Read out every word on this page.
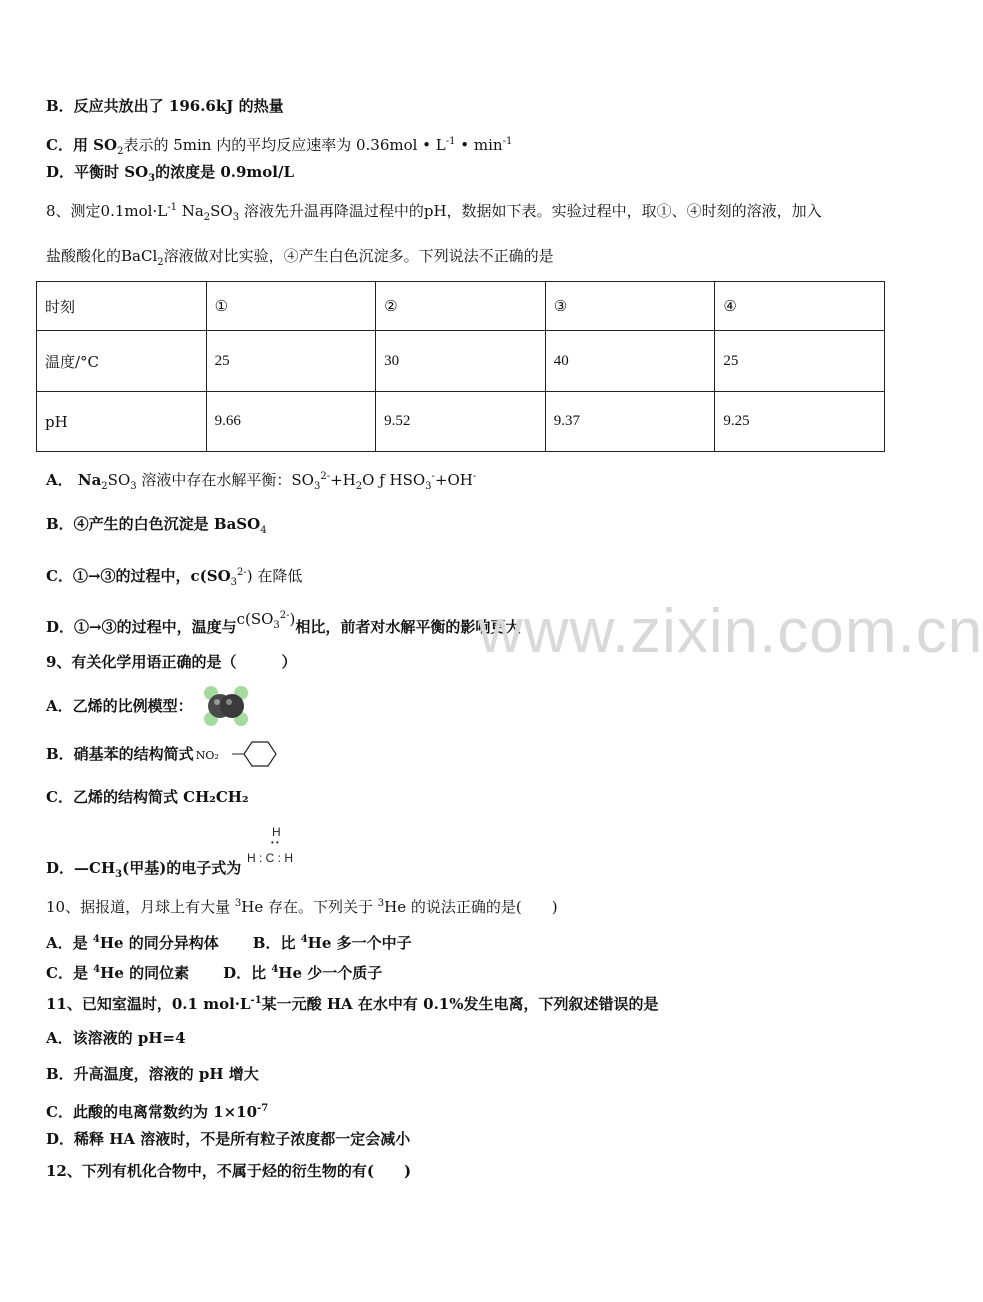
B．反应共放出了 196.6kJ 的热量
C．用 $SO_2$表示的 5min 内的平均反应速率为 0.36mol • $L^{-1}$ • $\min^{-1}$
D．平衡时 $SO_3$的浓度是 0.9mol/L
8、测定$0.1mol\cdot L^{-1}$ $Na_2SO_3$ 溶液先升温再降温过程中的pH，数据如下表。实验过程中，取①、④时刻的溶液，加入
盐酸酸化的BaCl$_2$溶液做对比实验，④产生白色沉淀多。下列说法不正确的是
时刻	①	②	③	④
温度/°C	25	30	40	25
pH	9.66	9.52	9.37	9.25
A． $Na_2SO_3$ 溶液中存在水解平衡：$SO_3^{2-}+H_2O$ ƒ $HSO_3^-+OH^-$
B．④产生的白色沉淀是 BaSO$_4$
C．①→③的过程中，$c(SO_3^{2-})$ 在降低
D．①→③的过程中，温度与$c(SO_3^{2-})$相比，前者对水解平衡的影响更大
www.zixin.com.cn
9、有关化学用语正确的是（　　　）
A．乙烯的比例模型：
B．硝基苯的结构简式 NO₂
C．乙烯的结构简式 CH₂CH₂
D．$—CH_3$(甲基)的电子式为
H
• •
H : C : H
10、据报道，月球上有大量 $^3$He 存在。下列关于 $^3$He 的说法正确的是(　　)
A．是 $^4$He 的同分异构体 B．比 $^4$He 多一个中子
C．是 $^4$He 的同位素 D．比 $^4$He 少一个质子
11、已知室温时，0.1 $mol\cdot L^{-1}$某一元酸 HA 在水中有 0.1%发生电离，下列叙述错误的是
A．该溶液的 pH=4
B．升高温度，溶液的 pH 增大
C．此酸的电离常数约为 $1\times 10^{-7}$
D．稀释 HA 溶液时，不是所有粒子浓度都一定会减小
12、下列有机化合物中，不属于烃的衍生物的有(　　)
